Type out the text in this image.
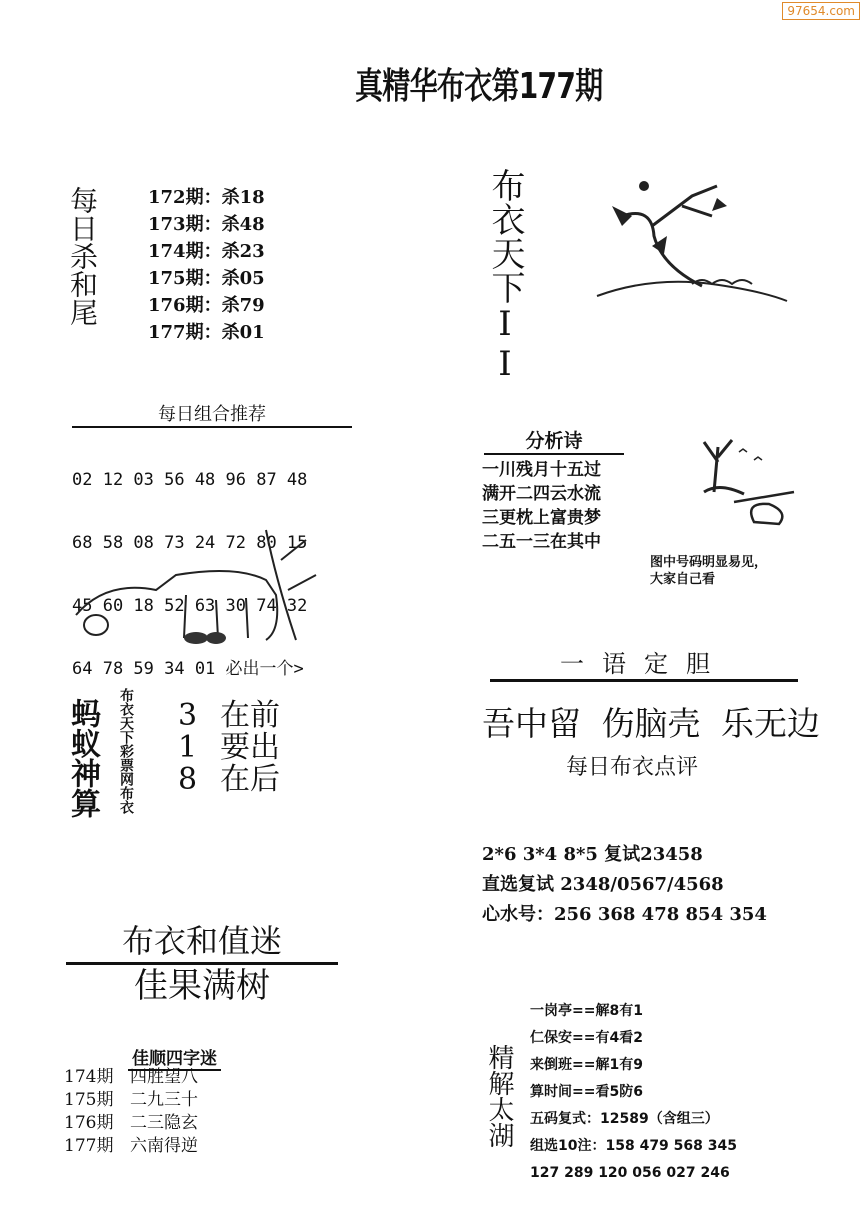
97654.com
真精华布衣第177期
每日杀和尾	172期：杀18
173期：杀48
174期：杀23
175期：杀05
176期：杀79
177期：杀01
每日组合推荐

02 12 03 56 48 96 87 48

68 58 08 73 24 72 80 15

45 60 18 52 63 30 74 32

64 78 59 34 01 必出一个>

蚂蚁神算 布衣天下彩票网布衣 3 在前
1 要出
8 在后
布衣和值迷
佳果满树
佳顺四字迷
174期 四胜望八
175期 二九三十
176期 二三隐玄
177期 六南得逆
布衣天下II
分析诗
一川残月十五过
满开二四云水流
三更枕上富贵梦
二五一三在其中
图中号码明显易见，
大家自己看
一语定胆
吾中留 伤脑壳 乐无边
每日布衣点评
2*6 3*4 8*5 复试23458
直选复试 2348/0567/4568
心水号：256 368 478 854 354
精解太湖
一岗亭==解8有1
仁保安==有4看2
来倒班==解1有9
算时间==看5防6
五码复式：12589（含组三）
组选10注：158 479 568 345
127 289 120 056 027 246
